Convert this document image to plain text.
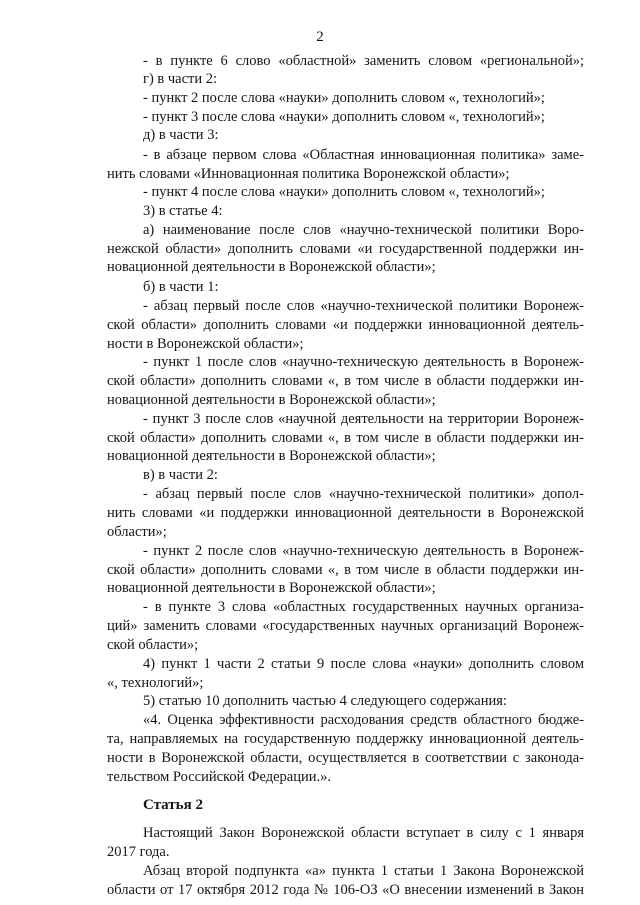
2
- в пункте 6 слово «областной» заменить словом «региональной»;
г) в части 2:
- пункт 2 после слова «науки» дополнить словом «, технологий»;
- пункт 3 после слова «науки» дополнить словом «, технологий»;
д) в части 3:
- в абзаце первом слова «Областная инновационная политика» заме-
нить словами «Инновационная политика Воронежской области»;
- пункт 4 после слова «науки» дополнить словом «, технологий»;
3) в статье 4:
а) наименование после слов «научно-технической политики Воро-
нежской области» дополнить словами «и государственной поддержки ин-
новационной деятельности в Воронежской области»;
б) в части 1:
- абзац первый после слов «научно-технической политики Воронеж-
ской области» дополнить словами «и поддержки инновационной деятель-
ности в Воронежской области»;
- пункт 1 после слов «научно-техническую деятельность в Воронеж-
ской области» дополнить словами «, в том числе в области поддержки ин-
новационной деятельности в Воронежской области»;
- пункт 3 после слов «научной деятельности на территории Воронеж-
ской области» дополнить словами «, в том числе в области поддержки ин-
новационной деятельности в Воронежской области»;
в) в части 2:
- абзац первый после слов «научно-технической политики» допол-
нить словами «и поддержки инновационной деятельности в Воронежской
области»;
- пункт 2 после слов «научно-техническую деятельность в Воронеж-
ской области» дополнить словами «, в том числе в области поддержки ин-
новационной деятельности в Воронежской области»;
- в пункте 3 слова «областных государственных научных организа-
ций» заменить словами «государственных научных организаций Воронеж-
ской области»;
4) пункт 1 части 2 статьи 9 после слова «науки» дополнить словом
«, технологий»;
5) статью 10 дополнить частью 4 следующего содержания:
«4. Оценка эффективности расходования средств областного бюдже-
та, направляемых на государственную поддержку инновационной деятель-
ности в Воронежской области, осуществляется в соответствии с законода-
тельством Российской Федерации.».
Статья 2
Настоящий Закон Воронежской области вступает в силу с 1 января
2017 года.
Абзац второй подпункта «а» пункта 1 статьи 1 Закона Воронежской
области от 17 октября 2012 года № 106-ОЗ «О внесении изменений в Закон
